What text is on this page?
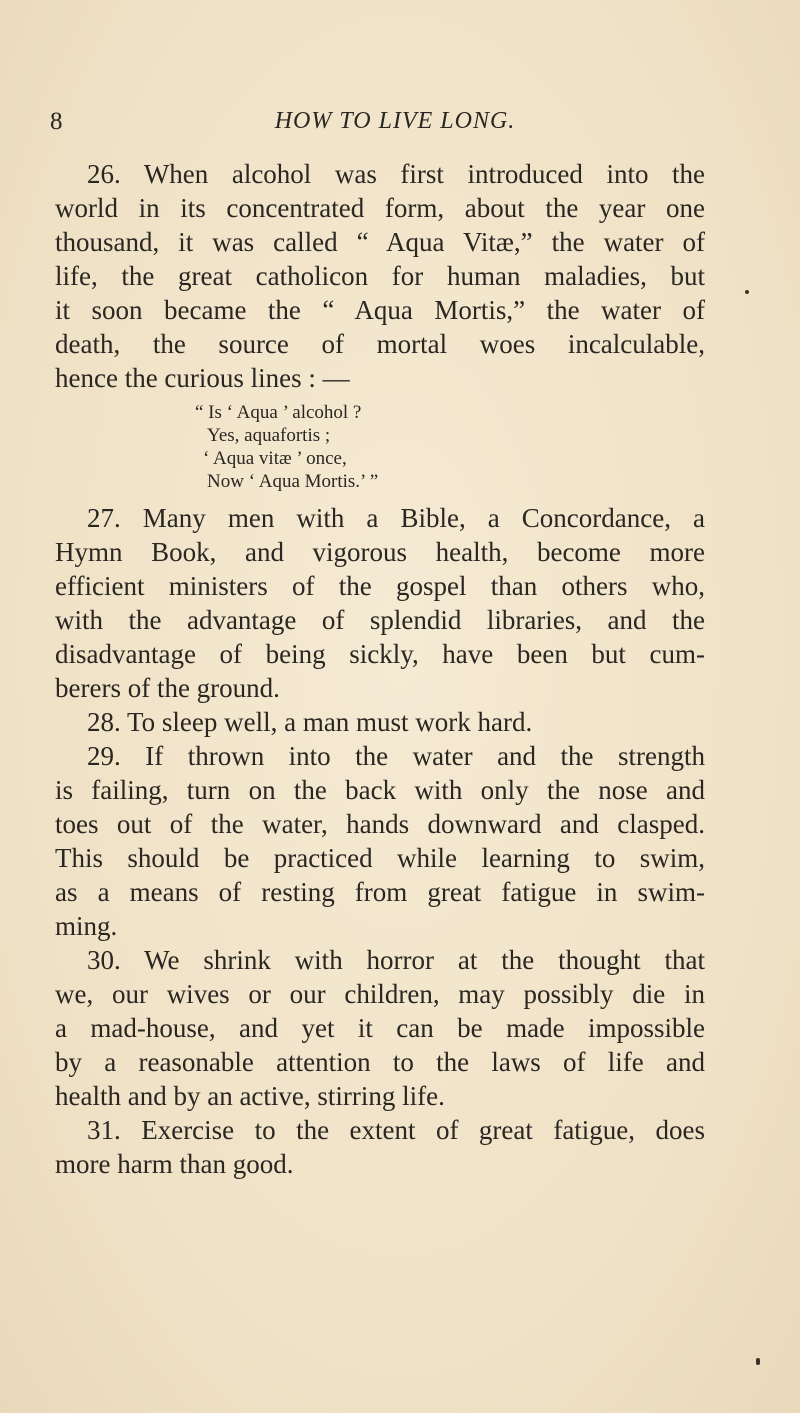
8	HOW TO LIVE LONG.
26. When alcohol was first introduced into the
world in its concentrated form, about the year one
thousand, it was called “ Aqua Vitæ,” the water of
life, the great catholicon for human maladies, but
it soon became the “ Aqua Mortis,” the water of
death, the source of mortal woes incalculable,
hence the curious lines : —
“ Is ‘ Aqua ’ alcohol ?
Yes, aquafortis ;
‘ Aqua vitæ ’ once,
Now ‘ Aqua Mortis.’ ”
27. Many men with a Bible, a Concordance, a
Hymn Book, and vigorous health, become more
efficient ministers of the gospel than others who,
with the advantage of splendid libraries, and the
disadvantage of being sickly, have been but cum-
berers of the ground.
28. To sleep well, a man must work hard.
29. If thrown into the water and the strength
is failing, turn on the back with only the nose and
toes out of the water, hands downward and clasped.
This should be practiced while learning to swim,
as a means of resting from great fatigue in swim-
ming.
30. We shrink with horror at the thought that
we, our wives or our children, may possibly die in
a mad-house, and yet it can be made impossible
by a reasonable attention to the laws of life and
health and by an active, stirring life.
31. Exercise to the extent of great fatigue, does
more harm than good.
